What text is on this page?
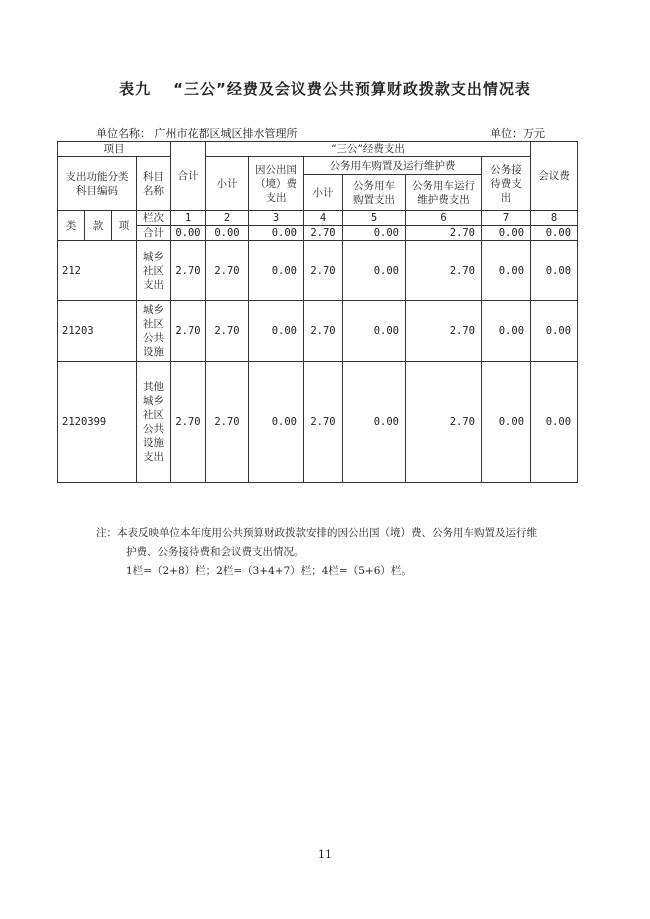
表九 “三公”经费及会议费公共预算财政拨款支出情况表
单位名称： 广州市花都区城区排水管理所	单位：万元
项目				合计	“三公”经费支出						会议费
支出功能分类科目编码			科目名称		小计	因公出国（境）费支出	公务用车购置及运行维护费			公务接待费支出	
							小计	公务用车购置支出	公务用车运行维护费支出		

类	款	项	栏次	1	2	3	4	5	6	7	8
			合计	0.00	0.00	0.00	2.70	0.00	2.70	0.00	0.00
212			城乡社区支出	2.70	2.70	0.00	2.70	0.00	2.70	0.00	0.00
21203			城乡社区公共设施	2.70	2.70	0.00	2.70	0.00	2.70	0.00	0.00
2120399			其他城乡社区公共设施支出	2.70	2.70	0.00	2.70	0.00	2.70	0.00	0.00
注：本表反映单位本年度用公共预算财政拨款安排的因公出国（境）费、公务用车购置及运行维
护费、公务接待费和会议费支出情况。
1栏=（2+8）栏；2栏=（3+4+7）栏；4栏=（5+6）栏。
11
